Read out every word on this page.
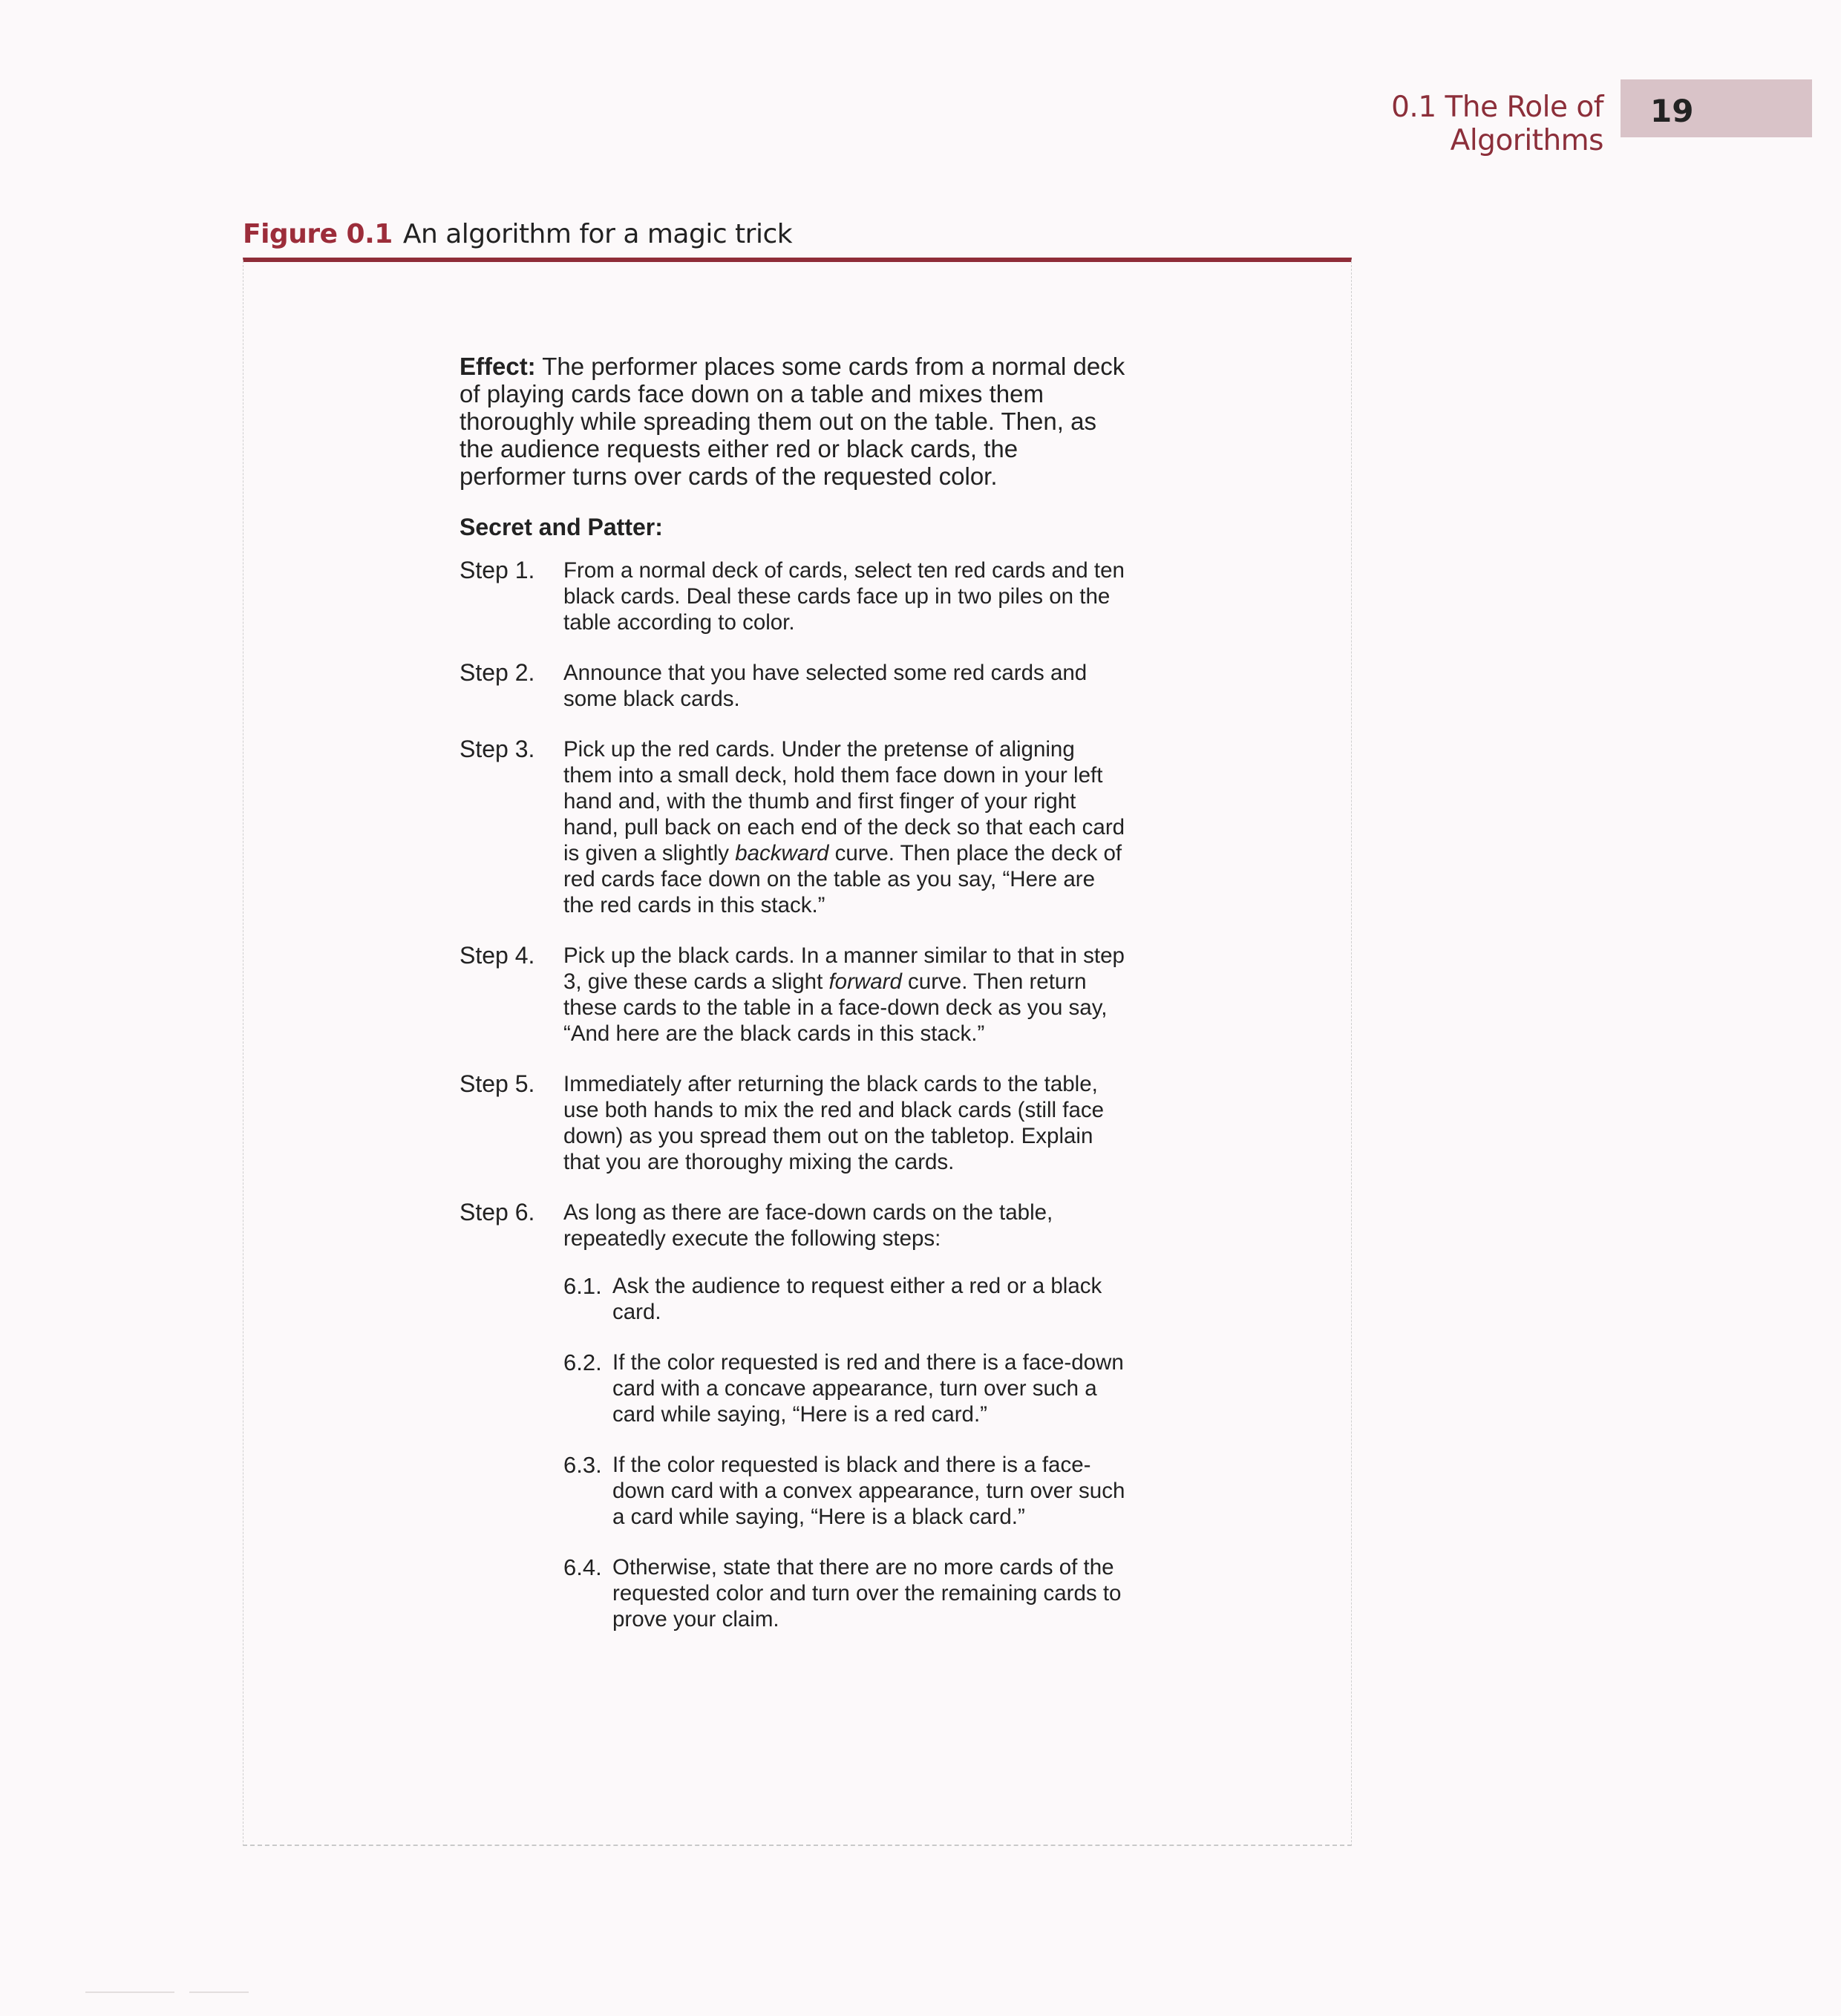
0.1 The Role of Algorithms
19
Figure 0.1 An algorithm for a magic trick

Effect: The performer places some cards from a normal deck of playing cards face down on a table and mixes them thoroughly while spreading them out on the table. Then, as the audience requests either red or black cards, the performer turns over cards of the requested color.

Secret and Patter:
Step 1.	From a normal deck of cards, select ten red cards and ten black cards. Deal these cards face up in two piles on the table according to color.
Step 2.	Announce that you have selected some red cards and some black cards.
Step 3.	Pick up the red cards. Under the pretense of aligning them into a small deck, hold them face down in your left hand and, with the thumb and first finger of your right hand, pull back on each end of the deck so that each card is given a slightly backward curve. Then place the deck of red cards face down on the table as you say, “Here are the red cards in this stack.”
Step 4.	Pick up the black cards. In a manner similar to that in step 3, give these cards a slight forward curve. Then return these cards to the table in a face-down deck as you say, “And here are the black cards in this stack.”
Step 5.	Immediately after returning the black cards to the table, use both hands to mix the red and black cards (still face down) as you spread them out on the tabletop. Explain that you are thoroughy mixing the cards.
Step 6.	As long as there are face-down cards on the table, repeatedly execute the following steps:
6.1. Ask the audience to request either a red or a black card.
6.2. If the color requested is red and there is a face-down card with a concave appearance, turn over such a card while saying, “Here is a red card.”
6.3. If the color requested is black and there is a face-down card with a convex appearance, turn over such a card while saying, “Here is a black card.”
6.4. Otherwise, state that there are no more cards of the requested color and turn over the remaining cards to prove your claim.
